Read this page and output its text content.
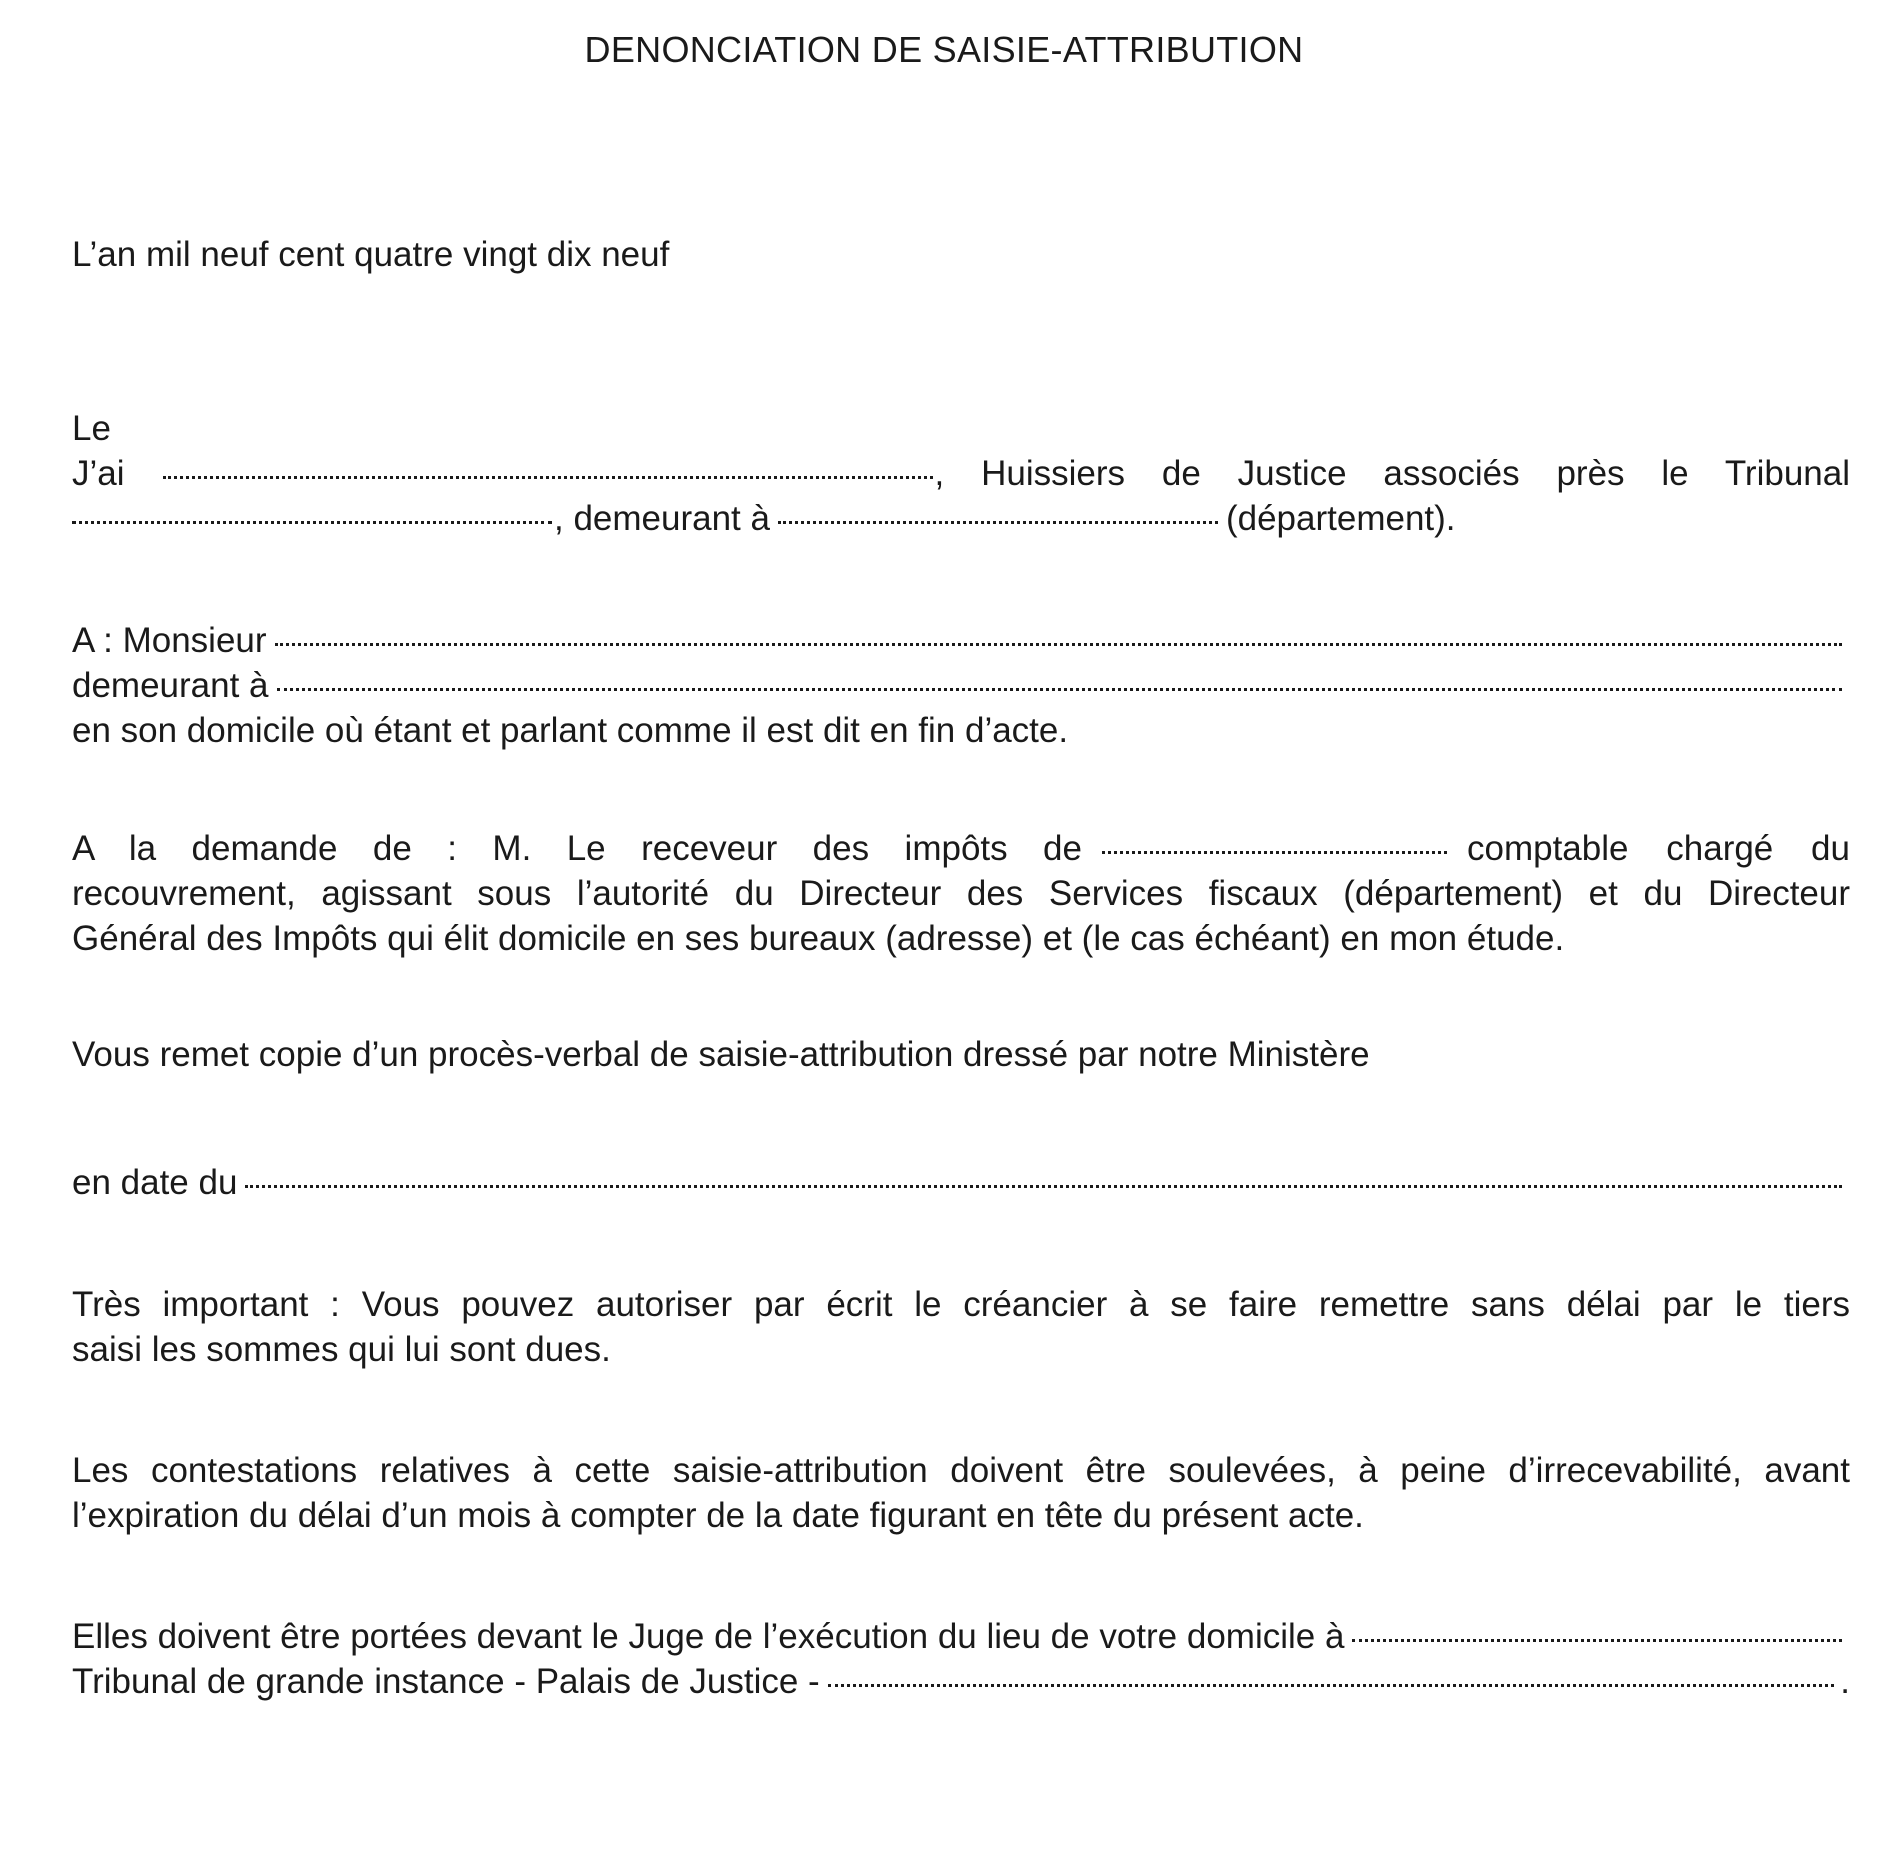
DENONCIATION DE SAISIE-ATTRIBUTION
L’an mil neuf cent quatre vingt dix neuf
Le
J’ai	, Huissiers de Justice associés près le Tribunal
, demeurant à	(département).
A : Monsieur
demeurant à
en son domicile où étant et parlant comme il est dit en fin d’acte.
A la demande de : M. Le receveur des impôts de	comptable chargé du
recouvrement, agissant sous l’autorité du Directeur des Services fiscaux (département) et du Directeur
Général des Impôts qui élit domicile en ses bureaux (adresse) et (le cas échéant) en mon étude.
Vous remet copie d’un procès-verbal de saisie-attribution dressé par notre Ministère
en date du
Très important : Vous pouvez autoriser par écrit le créancier à se faire remettre sans délai par le tiers
saisi les sommes qui lui sont dues.
Les contestations relatives à cette saisie-attribution doivent être soulevées, à peine d’irrecevabilité, avant
l’expiration du délai d’un mois à compter de la date figurant en tête du présent acte.
Elles doivent être portées devant le Juge de l’exécution du lieu de votre domicile à
Tribunal de grande instance - Palais de Justice -	.
